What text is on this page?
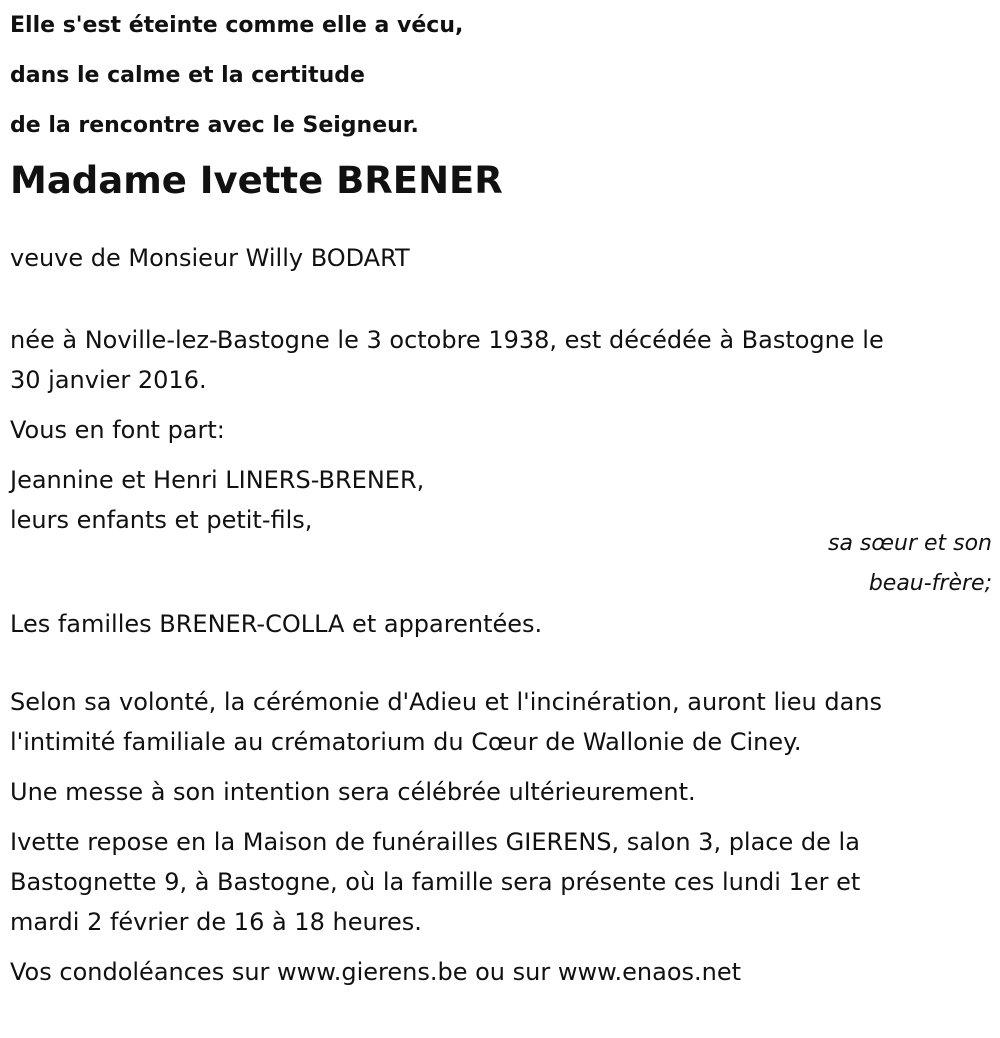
Elle s'est éteinte comme elle a vécu,
dans le calme et la certitude
de la rencontre avec le Seigneur.
Madame Ivette BRENER
veuve de Monsieur Willy BODART
née à Noville-lez-Bastogne le 3 octobre 1938, est décédée à Bastogne le
30 janvier 2016.
Vous en font part:
Jeannine et Henri LINERS-BRENER,
leurs enfants et petit-fils,
sa sœur et son
beau-frère;
Les familles BRENER-COLLA et apparentées.
Selon sa volonté, la cérémonie d'Adieu et l'incinération, auront lieu dans
l'intimité familiale au crématorium du Cœur de Wallonie de Ciney.
Une messe à son intention sera célébrée ultérieurement.
Ivette repose en la Maison de funérailles GIERENS, salon 3, place de la
Bastognette 9, à Bastogne, où la famille sera présente ces lundi 1er et
mardi 2 février de 16 à 18 heures.
Vos condoléances sur www.gierens.be ou sur www.enaos.net
